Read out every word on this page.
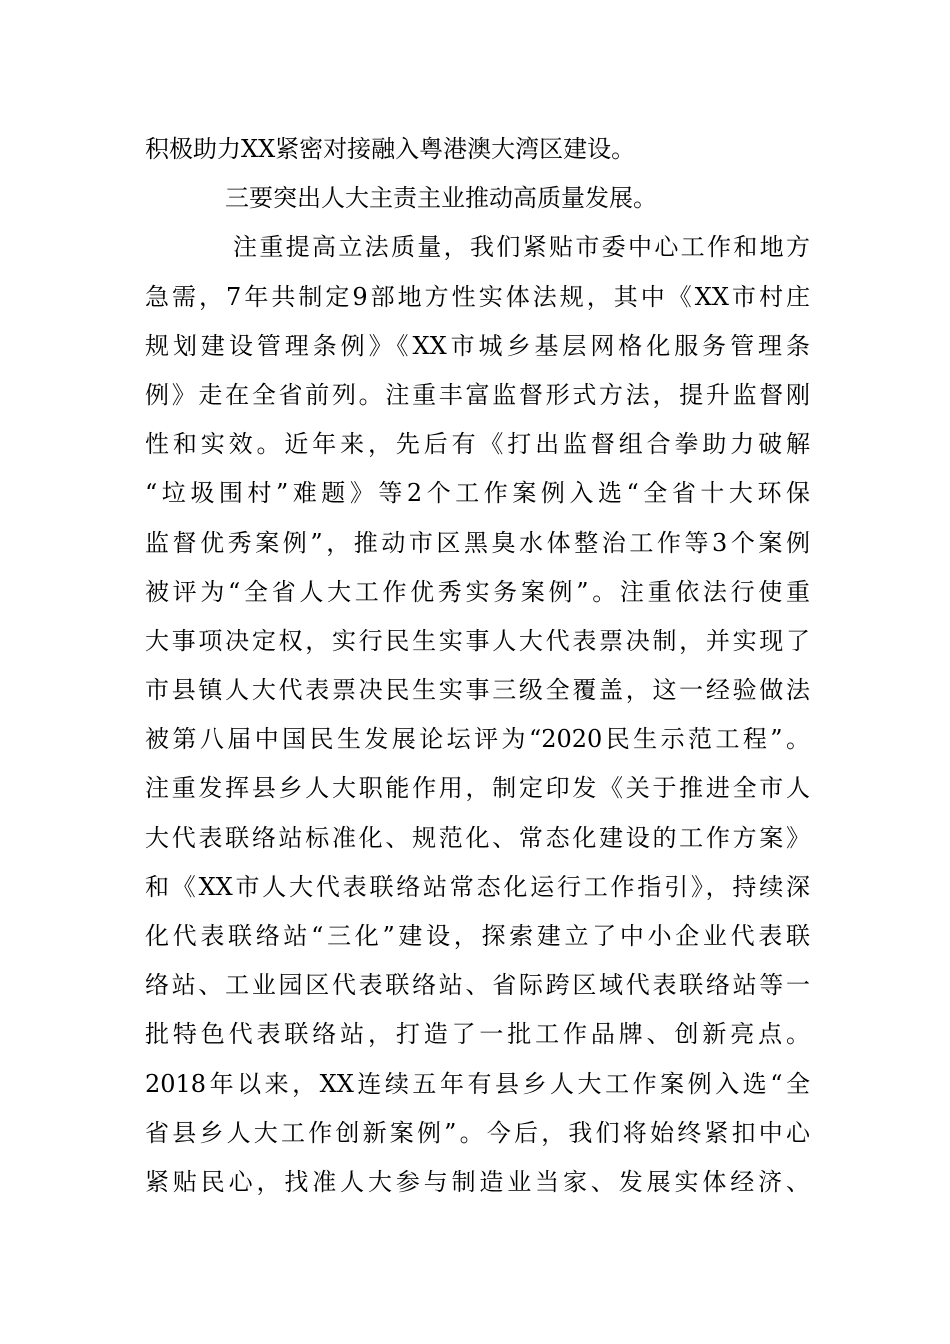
积极助力XX紧密对接融入粤港澳大湾区建设。
三要突出人大主责主业推动高质量发展。
注重提高立法质量，我们紧贴市委中心工作和地方
急需，7年共制定9部地方性实体法规，其中《XX市村庄
规划建设管理条例》《XX市城乡基层网格化服务管理条
例》走在全省前列。注重丰富监督形式方法，提升监督刚
性和实效。近年来，先后有《打出监督组合拳助力破解
“垃圾围村”难题》等2个工作案例入选“全省十大环保
监督优秀案例”，推动市区黑臭水体整治工作等3个案例
被评为“全省人大工作优秀实务案例”。注重依法行使重
大事项决定权，实行民生实事人大代表票决制，并实现了
市县镇人大代表票决民生实事三级全覆盖，这一经验做法
被第八届中国民生发展论坛评为“2020民生示范工程”。
注重发挥县乡人大职能作用，制定印发《关于推进全市人
大代表联络站标准化、规范化、常态化建设的工作方案》
和《XX市人大代表联络站常态化运行工作指引》，持续深
化代表联络站“三化”建设，探索建立了中小企业代表联
络站、工业园区代表联络站、省际跨区域代表联络站等一
批特色代表联络站，打造了一批工作品牌、创新亮点。
2018年以来，XX连续五年有县乡人大工作案例入选“全
省县乡人大工作创新案例”。今后，我们将始终紧扣中心
紧贴民心，找准人大参与制造业当家、发展实体经济、
